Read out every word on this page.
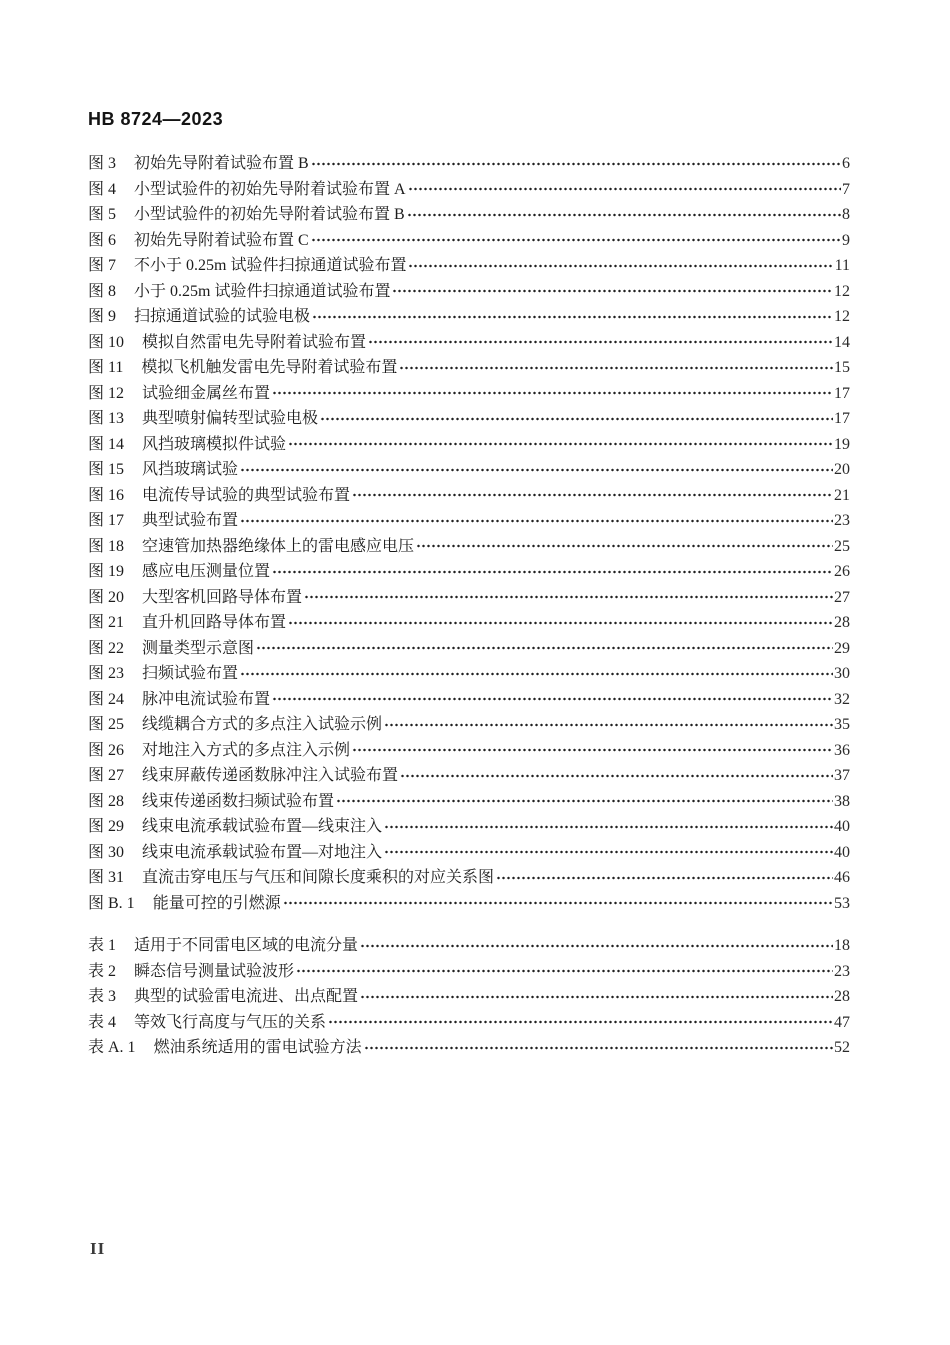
HB 8724—2023
图 3 初始先导附着试验布置 B	6
图 4 小型试验件的初始先导附着试验布置 A	7
图 5 小型试验件的初始先导附着试验布置 B	8
图 6 初始先导附着试验布置 C	9
图 7 不小于 0.25m 试验件扫掠通道试验布置	11
图 8 小于 0.25m 试验件扫掠通道试验布置	12
图 9 扫掠通道试验的试验电极	12
图 10 模拟自然雷电先导附着试验布置	14
图 11 模拟飞机触发雷电先导附着试验布置	15
图 12 试验细金属丝布置	17
图 13 典型喷射偏转型试验电极	17
图 14 风挡玻璃模拟件试验	19
图 15 风挡玻璃试验	20
图 16 电流传导试验的典型试验布置	21
图 17 典型试验布置	23
图 18 空速管加热器绝缘体上的雷电感应电压	25
图 19 感应电压测量位置	26
图 20 大型客机回路导体布置	27
图 21 直升机回路导体布置	28
图 22 测量类型示意图	29
图 23 扫频试验布置	30
图 24 脉冲电流试验布置	32
图 25 线缆耦合方式的多点注入试验示例	35
图 26 对地注入方式的多点注入示例	36
图 27 线束屏蔽传递函数脉冲注入试验布置	37
图 28 线束传递函数扫频试验布置	38
图 29 线束电流承载试验布置—线束注入	40
图 30 线束电流承载试验布置—对地注入	40
图 31 直流击穿电压与气压和间隙长度乘积的对应关系图	46
图 B. 1 能量可控的引燃源	53
表 1 适用于不同雷电区域的电流分量	18
表 2 瞬态信号测量试验波形	23
表 3 典型的试验雷电流进、出点配置	28
表 4 等效飞行高度与气压的关系	47
表 A. 1 燃油系统适用的雷电试验方法	52
II
